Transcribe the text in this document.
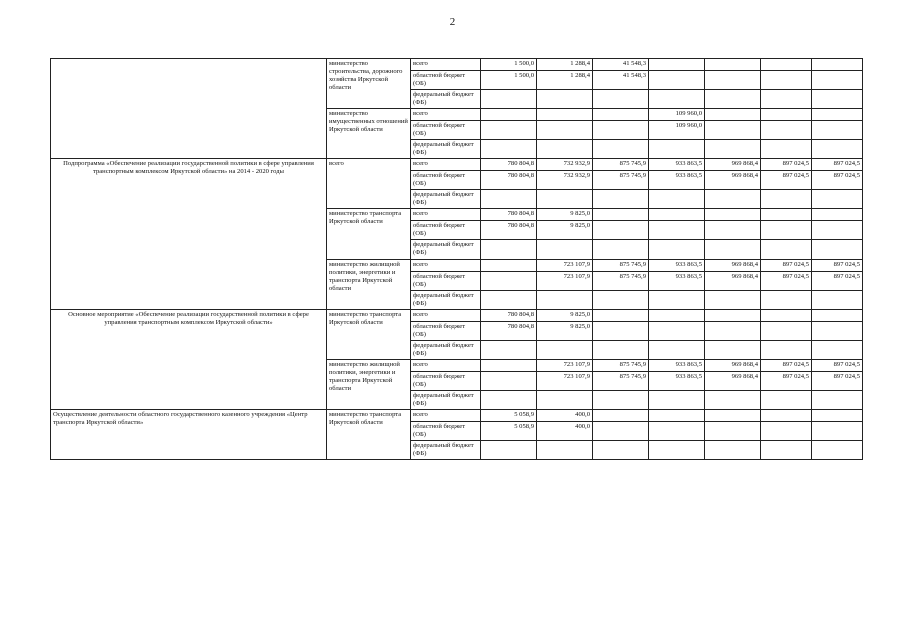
2
	министерство строительства, дорожного хозяйства Иркутской области	всего	1 500,0	1 288,4	41 548,3				
		областной бюджет (ОБ)	1 500,0	1 288,4	41 548,3				
		федеральный бюджет (ФБ)							
	министерство имущественных отношений Иркутской области	всего				109 960,0			
		областной бюджет (ОБ)				109 960,0			
		федеральный бюджет (ФБ)							
Подпрограмма «Обеспечение реализации государственной политики в сфере управления транспортным комплексом Иркутской области» на 2014 - 2020 годы	всего	всего	780 804,8	732 932,9	875 745,9	933 863,5	969 868,4	897 024,5	897 024,5
		областной бюджет (ОБ)	780 804,8	732 932,9	875 745,9	933 863,5	969 868,4	897 024,5	897 024,5
		федеральный бюджет (ФБ)							
	министерство транспорта Иркутской области	всего	780 804,8	9 825,0					
		областной бюджет (ОБ)	780 804,8	9 825,0					
		федеральный бюджет (ФБ)							
	министерство жилищной политики, энергетики и транспорта Иркутской области	всего		723 107,9	875 745,9	933 863,5	969 868,4	897 024,5	897 024,5
		областной бюджет (ОБ)		723 107,9	875 745,9	933 863,5	969 868,4	897 024,5	897 024,5
		федеральный бюджет (ФБ)							
Основное мероприятие «Обеспечение реализации государственной политики в сфере управления транспортным комплексом Иркутской области»	министерство транспорта Иркутской области	всего	780 804,8	9 825,0					
		областной бюджет (ОБ)	780 804,8	9 825,0					
		федеральный бюджет (ФБ)							
	министерство жилищной политики, энергетики и транспорта Иркутской области	всего		723 107,9	875 745,9	933 863,5	969 868,4	897 024,5	897 024,5
		областной бюджет (ОБ)		723 107,9	875 745,9	933 863,5	969 868,4	897 024,5	897 024,5
		федеральный бюджет (ФБ)							
Осуществление деятельности областного государственного казенного учреждения «Центр транспорта Иркутской области»	министерство транспорта Иркутской области	всего	5 058,9	400,0					
		областной бюджет (ОБ)	5 058,9	400,0					
		федеральный бюджет (ФБ)							
